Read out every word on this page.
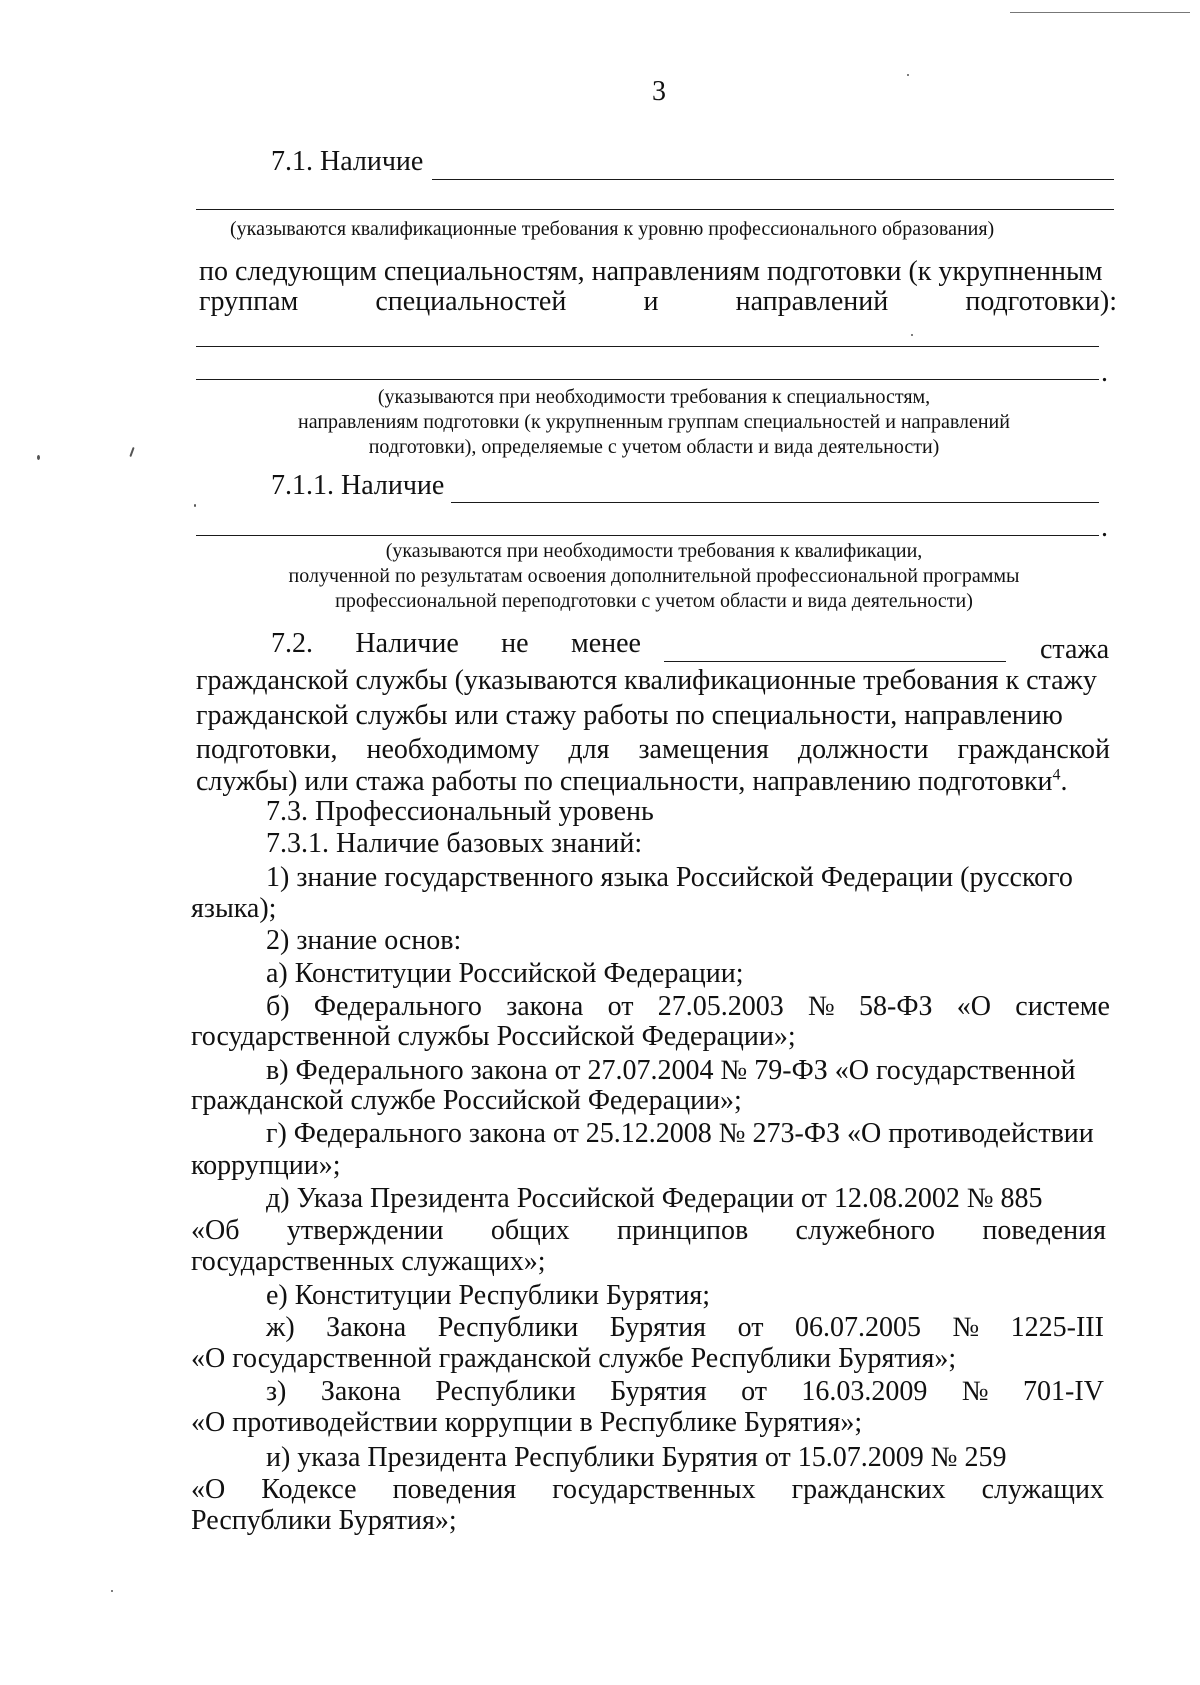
3
7.1. Наличие
(указываются квалификационные требования к уровню профессионального образования)
по следующим специальностям, направлениям подготовки (к укрупненным
группам	специальностей	и	направлений	подготовки):
.
(указываются при необходимости требования к специальностям,
направлениям подготовки (к укрупненным группам специальностей и направлений
подготовки), определяемые с учетом области и вида деятельности)
7.1.1. Наличие
.
(указываются при необходимости требования к квалификации,
полученной по результатам освоения дополнительной профессиональной программы
профессиональной переподготовки с учетом области и вида деятельности)
7.2. Наличие не менее	стажа
гражданской службы (указываются квалификационные требования к стажу
гражданской службы или стажу работы по специальности, направлению
подготовки, необходимому для замещения должности гражданской
службы) или стажа работы по специальности, направлению подготовки$^4$.
7.3. Профессиональный уровень
7.3.1. Наличие базовых знаний:
1) знание государственного языка Российской Федерации (русского
языка);
2) знание основ:
а) Конституции Российской Федерации;
б) Федерального закона от 27.05.2003 № 58-ФЗ «О системе
государственной службы Российской Федерации»;
в) Федерального закона от 27.07.2004 № 79-ФЗ «О государственной
гражданской службе Российской Федерации»;
г) Федерального закона от 25.12.2008 № 273-ФЗ «О противодействии
коррупции»;
д) Указа Президента Российской Федерации от 12.08.2002 № 885
«Об утверждении общих принципов служебного поведения
государственных служащих»;
е) Конституции Республики Бурятия;
ж) Закона Республики Бурятия от 06.07.2005 № 1225-III
«О государственной гражданской службе Республики Бурятия»;
з) Закона Республики Бурятия от 16.03.2009 № 701-IV
«О противодействии коррупции в Республике Бурятия»;
и) указа Президента Республики Бурятия от 15.07.2009 № 259
«О Кодексе поведения государственных гражданских служащих
Республики Бурятия»;
